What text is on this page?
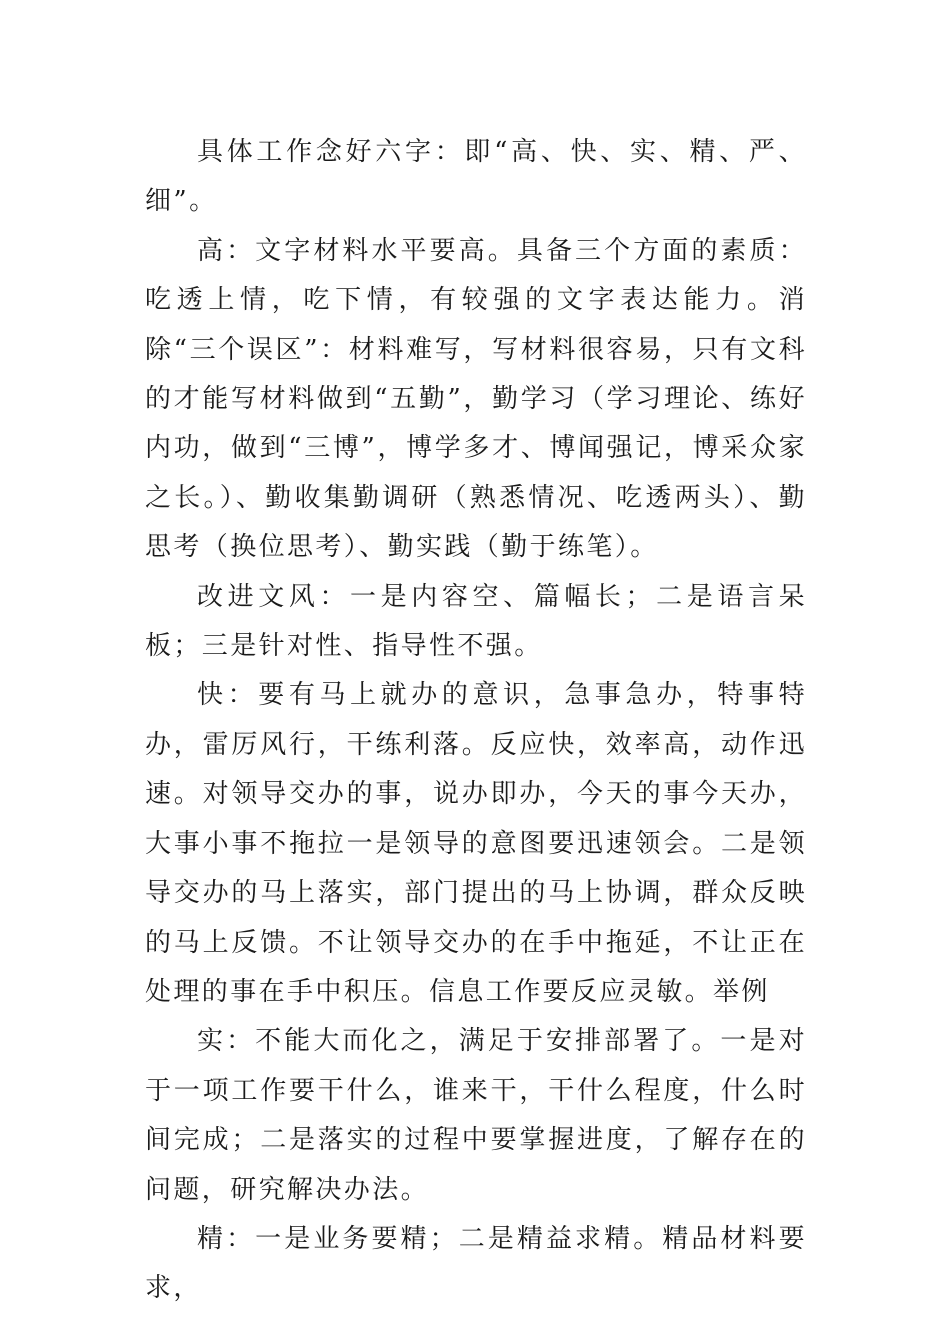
具体工作念好六字：即“高、快、实、精、严、细”。

高：文字材料水平要高。具备三个方面的素质：吃透上情，吃下情，有较强的文字表达能力。消除“三个误区”：材料难写，写材料很容易，只有文科的才能写材料做到“五勤”，勤学习（学习理论、练好内功，做到“三博”，博学多才、博闻强记，博采众家之长。）、勤收集勤调研（熟悉情况、吃透两头）、勤思考（换位思考）、勤实践（勤于练笔）。

改进文风：一是内容空、篇幅长；二是语言呆板；三是针对性、指导性不强。

快：要有马上就办的意识，急事急办，特事特办，雷厉风行，干练利落。反应快，效率高，动作迅速。对领导交办的事，说办即办，今天的事今天办，大事小事不拖拉一是领导的意图要迅速领会。二是领导交办的马上落实，部门提出的马上协调，群众反映的马上反馈。不让领导交办的在手中拖延，不让正在处理的事在手中积压。信息工作要反应灵敏。举例

实：不能大而化之，满足于安排部署了。一是对于一项工作要干什么，谁来干，干什么程度，什么时间完成；二是落实的过程中要掌握进度，了解存在的问题，研究解决办法。

精：一是业务要精；二是精益求精。精品材料要求，
